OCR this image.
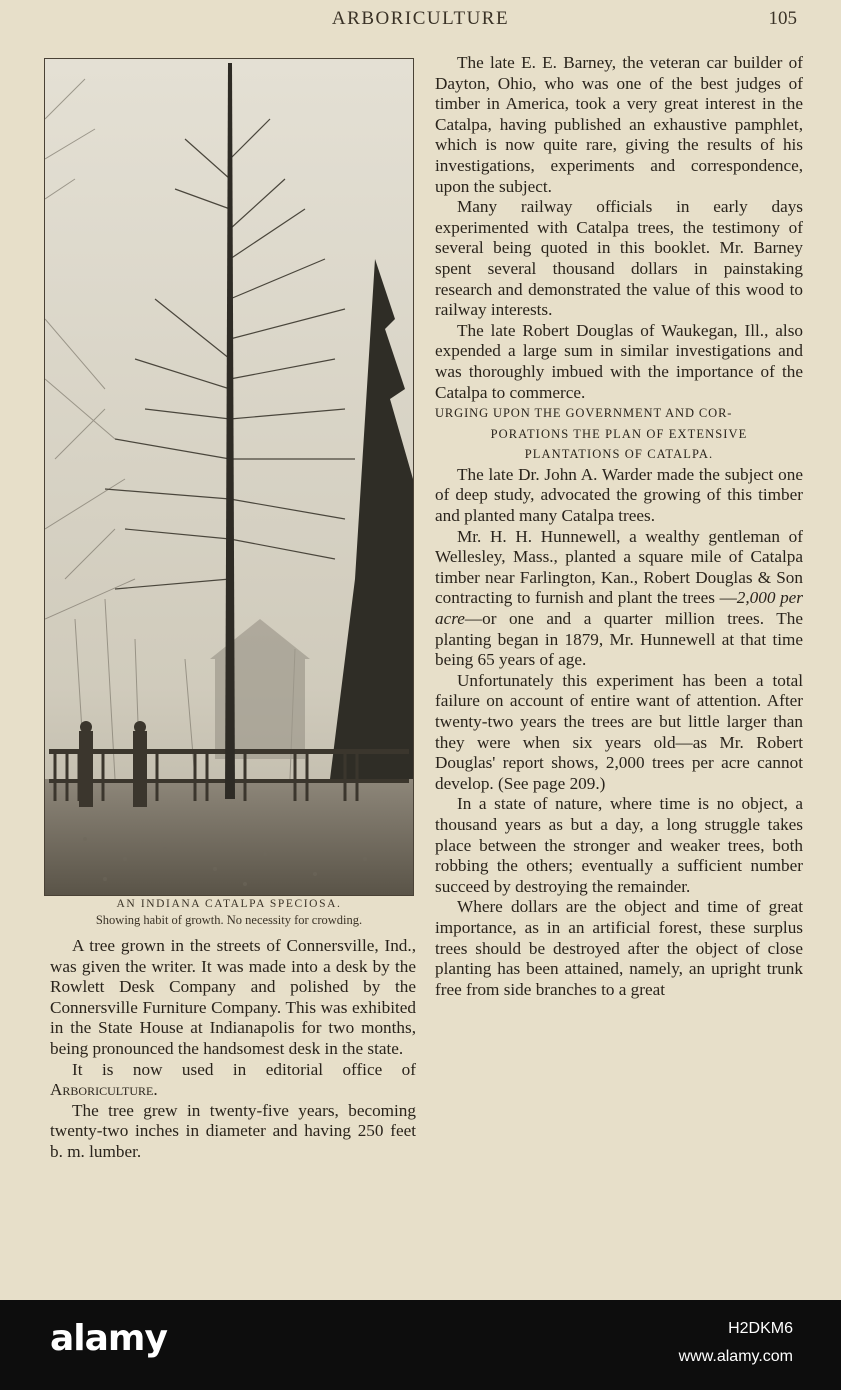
ARBORICULTURE	105
AN INDIANA CATALPA SPECIOSA.
Showing habit of growth. No necessity for crowding.

A tree grown in the streets of Connersville, Ind., was given the writer. It was made into a desk by the Rowlett Desk Company and polished by the Connersville Furniture Company. This was exhibited in the State House at Indianapolis for two months, being pronounced the handsomest desk in the state.

It is now used in editorial office of Arboriculture.

The tree grew in twenty-five years, becoming twenty-two inches in diameter and having 250 feet b. m. lumber.

The late E. E. Barney, the veteran car builder of Dayton, Ohio, who was one of the best judges of timber in America, took a very great interest in the Catalpa, having published an exhaustive pamphlet, which is now quite rare, giving the results of his investigations, experiments and correspondence, upon the subject.

Many railway officials in early days experimented with Catalpa trees, the testimony of several being quoted in this booklet. Mr. Barney spent several thousand dollars in painstaking research and demonstrated the value of this wood to railway interests.

The late Robert Douglas of Waukegan, Ill., also expended a large sum in similar investigations and was thoroughly imbued with the importance of the Catalpa to commerce.

URGING UPON THE GOVERNMENT AND COR-

PORATIONS THE PLAN OF EXTENSIVE

PLANTATIONS OF CATALPA.

The late Dr. John A. Warder made the subject one of deep study, advocated the growing of this timber and planted many Catalpa trees.

Mr. H. H. Hunnewell, a wealthy gentleman of Wellesley, Mass., planted a square mile of Catalpa timber near Farlington, Kan., Robert Douglas & Son contracting to furnish and plant the trees —2,000 per acre—or one and a quarter million trees. The planting began in 1879, Mr. Hunnewell at that time being 65 years of age.

Unfortunately this experiment has been a total failure on account of entire want of attention. After twenty-two years the trees are but little larger than they were when six years old—as Mr. Robert Douglas' report shows, 2,000 trees per acre cannot develop. (See page 209.)

In a state of nature, where time is no object, a thousand years as but a day, a long struggle takes place between the stronger and weaker trees, both robbing the others; eventually a sufficient number succeed by destroying the remainder.

Where dollars are the object and time of great importance, as in an artificial forest, these surplus trees should be destroyed after the object of close planting has been attained, namely, an upright trunk free from side branches to a great

alamy	H2DKM6
www.alamy.com
